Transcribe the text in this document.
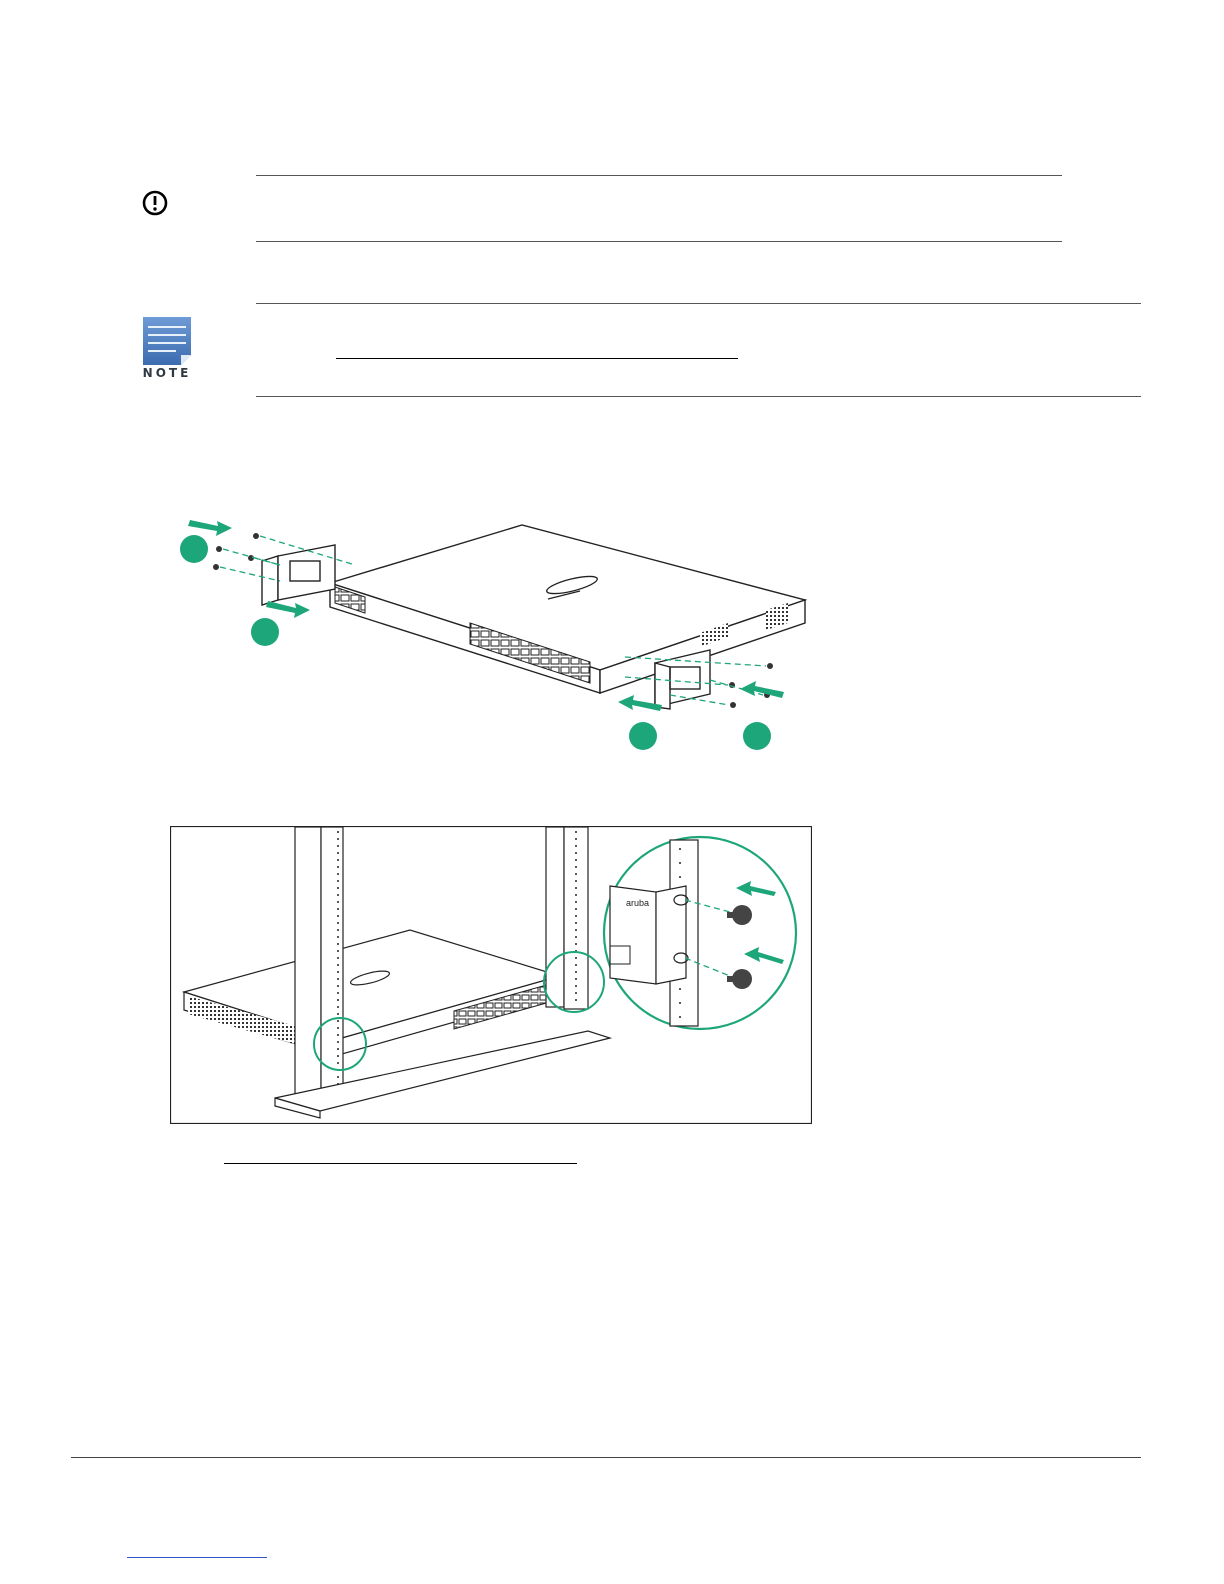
NOTE
aruba
